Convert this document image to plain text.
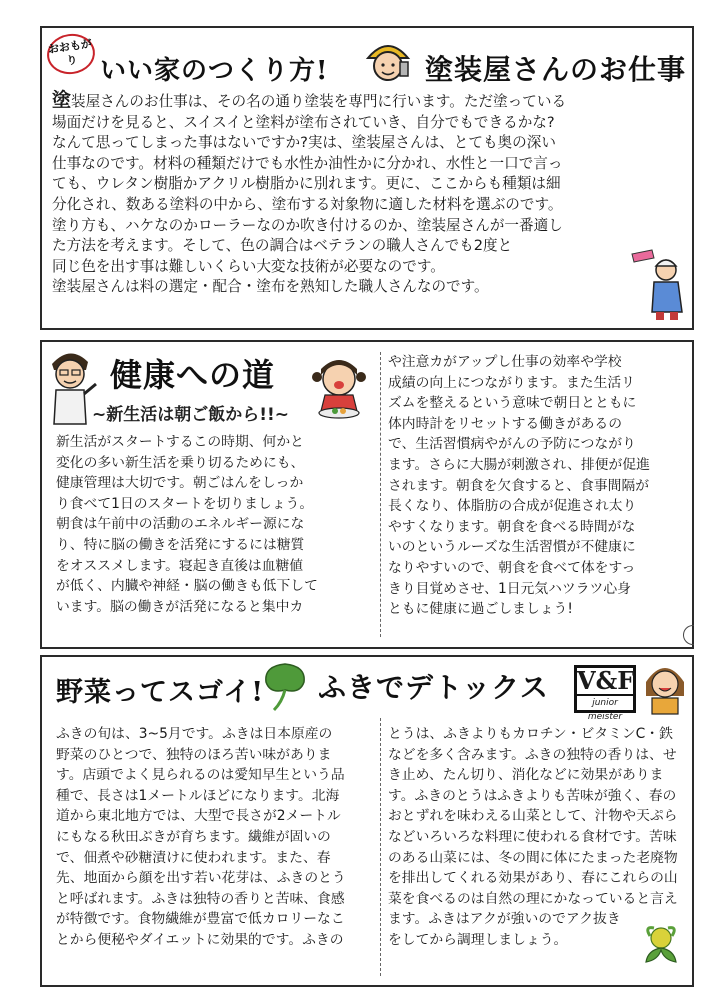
おおもがり いい家のつくり方!	塗装屋さんのお仕事
塗装屋さんのお仕事は、その名の通り塗装を専門に行います。ただ塗っている
場面だけを見ると、スイスイと塗料が塗布されていき、自分でもできるかな?
なんて思ってしまった事はないですか?実は、塗装屋さんは、とても奥の深い
仕事なのです。材料の種類だけでも水性か油性かに分かれ、水性と一口で言っ
ても、ウレタン樹脂かアクリル樹脂かに別れます。更に、ここからも種類は細
分化され、数ある塗料の中から、塗布する対象物に適した材料を選ぶのです。
塗り方も、ハケなのかローラーなのか吹き付けるのか、塗装屋さんが一番適し
た方法を考えます。そして、色の調合はベテランの職人さんでも2度と
同じ色を出す事は難しいくらい大変な技術が必要なのです。
塗装屋さんは料の選定・配合・塗布を熟知した職人さんなのです。
健康への道
~新生活は朝ご飯から!!~
新生活がスタートするこの時期、何かと
変化の多い新生活を乗り切るためにも、
健康管理は大切です。朝ごはんをしっか
り食べて1日のスタートを切りましょう。
朝食は午前中の活動のエネルギー源にな
り、特に脳の働きを活発にするには糖質
をオススメします。寝起き直後は血糖値
が低く、内臓や神経・脳の働きも低下して
います。脳の働きが活発になると集中カ
や注意カがアップし仕事の効率や学校
成績の向上につながります。また生活リ
ズムを整えるという意味で朝日とともに
体内時計をリセットする働きがあるの
で、生活習慣病やがんの予防につながり
ます。さらに大腸が刺激され、排便が促進
されます。朝食を欠食すると、食事間隔が
長くなり、体脂肪の合成が促進され太り
やすくなります。朝食を食べる時間がな
いのというルーズな生活習慣が不健康に
なりやすいので、朝食を食べて体をすっ
きり目覚めさせ、1日元気ハツラツ心身
ともに健康に過ごしましょう!
野菜ってスゴイ! ふきでデトックス V&F
junior meister
ふきの旬は、3~5月です。ふきは日本原産の
野菜のひとつで、独特のほろ苦い味がありま
す。店頭でよく見られるのは愛知早生という品
種で、長さは1メートルほどになります。北海
道から東北地方では、大型で長さが2メートル
にもなる秋田ぶきが育ちます。繊維が固いの
で、佃煮や砂糖漬けに使われます。また、春
先、地面から顔を出す若い花芽は、ふきのとう
と呼ばれます。ふきは独特の香りと苦味、食感
が特徴です。食物繊維が豊富で低カロリーなこ
とから便秘やダイエットに効果的です。ふきの
とうは、ふきよりもカロチン・ビタミンC・鉄
などを多く含みます。ふきの独特の香りは、せ
き止め、たん切り、消化などに効果がありま
す。ふきのとうはふきよりも苦味が強く、春の
おとずれを味わえる山菜として、汁物や天ぷら
などいろいろな料理に使われる食材です。苦味
のある山菜には、冬の間に体にたまった老廃物
を排出してくれる効果があり、春にこれらの山
菜を食べるのは自然の理にかなっていると言え
ます。ふきはアクが強いのでアク抜き
をしてから調理しましょう。
